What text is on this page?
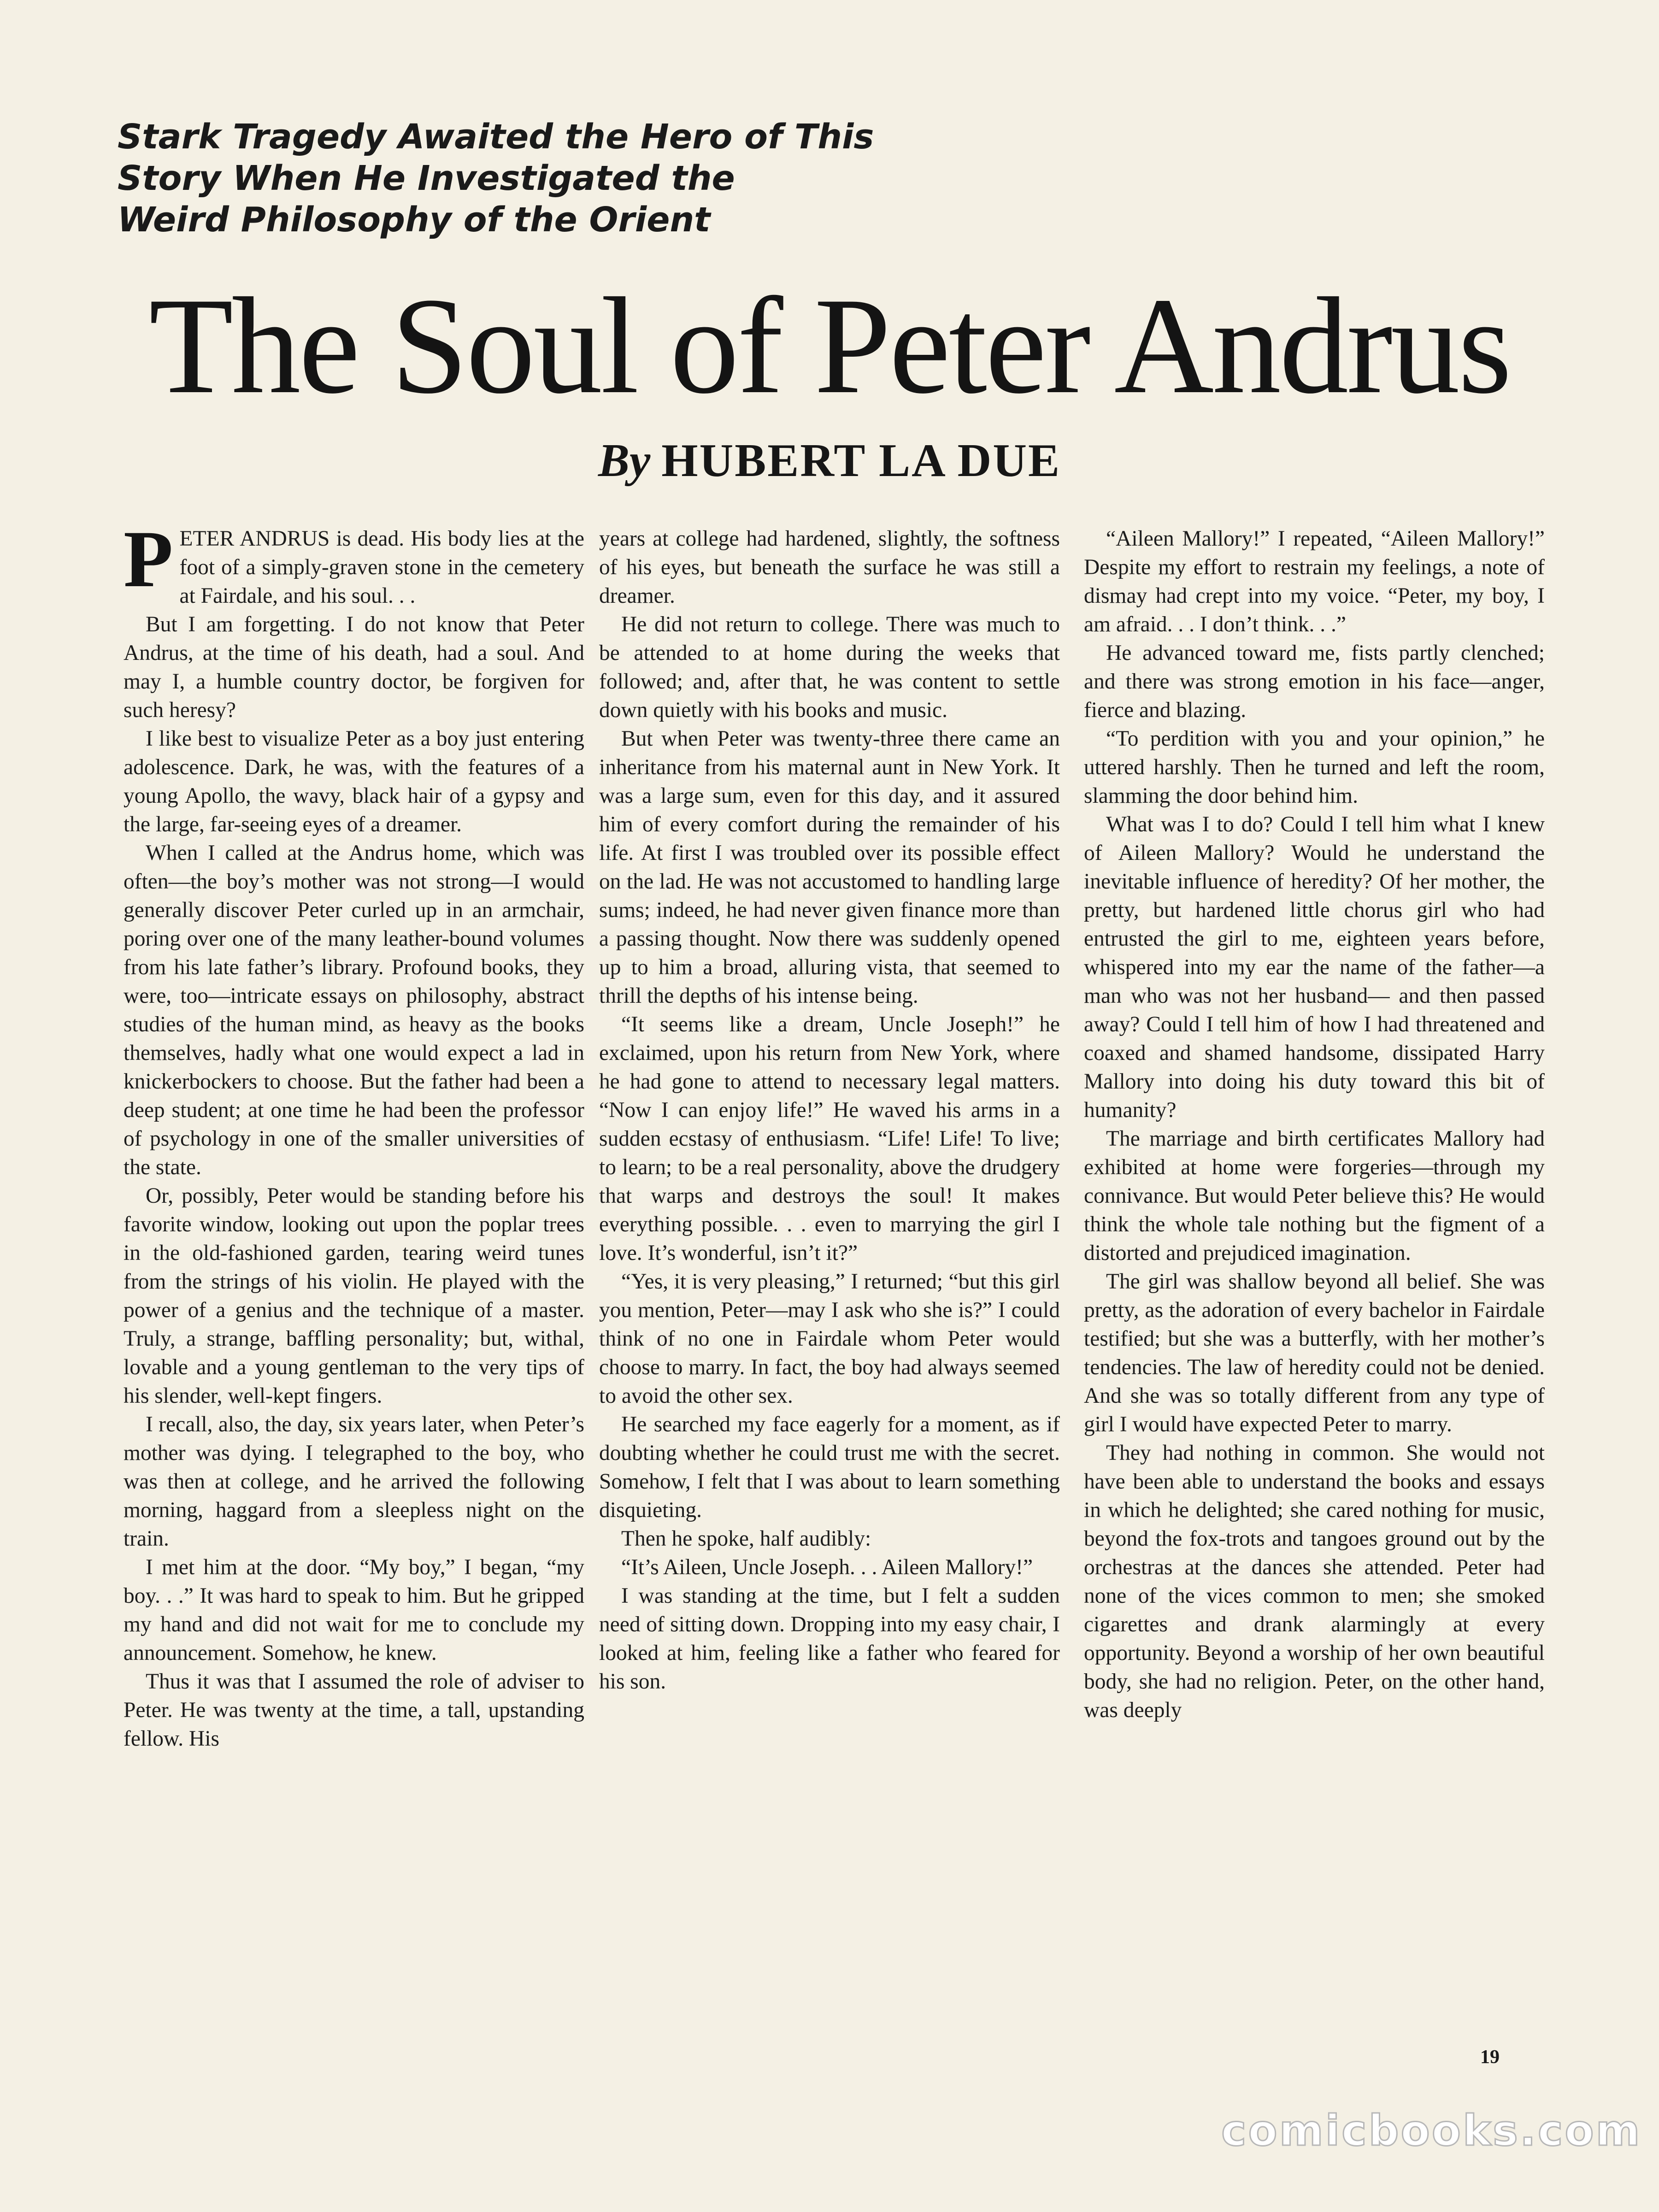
Stark Tragedy Awaited the Hero of This
Story When He Investigated the
Weird Philosophy of the Orient
The Soul of Peter Andrus
By HUBERT LA DUE

PETER ANDRUS is dead. His body lies at the foot of a simply-graven stone in the cemetery at Fairdale, and his soul. . .

But I am forgetting. I do not know that Peter Andrus, at the time of his death, had a soul. And may I, a humble country doctor, be forgiven for such heresy?

I like best to visualize Peter as a boy just entering adolescence. Dark, he was, with the features of a young Apollo, the wavy, black hair of a gypsy and the large, far-seeing eyes of a dreamer.

When I called at the Andrus home, which was often—the boy’s mother was not strong—I would generally discover Peter curled up in an armchair, poring over one of the many leather-bound volumes from his late father’s library. Profound books, they were, too—intricate essays on philosophy, abstract studies of the human mind, as heavy as the books themselves, hadly what one would expect a lad in knickerbockers to choose. But the father had been a deep student; at one time he had been the professor of psychology in one of the smaller universities of the state.

Or, possibly, Peter would be standing before his favorite window, looking out upon the poplar trees in the old-fashioned garden, tearing weird tunes from the strings of his violin. He played with the power of a genius and the technique of a master. Truly, a strange, baffling personality; but, withal, lovable and a young gentleman to the very tips of his slender, well-kept fingers.

I recall, also, the day, six years later, when Peter’s mother was dying. I telegraphed to the boy, who was then at college, and he arrived the following morning, haggard from a sleepless night on the train.

I met him at the door. “My boy,” I began, “my boy. . .” It was hard to speak to him. But he gripped my hand and did not wait for me to conclude my announcement. Somehow, he knew.

Thus it was that I assumed the role of adviser to Peter. He was twenty at the time, a tall, upstanding fellow. His

years at college had hardened, slightly, the softness of his eyes, but beneath the surface he was still a dreamer.

He did not return to college. There was much to be attended to at home during the weeks that followed; and, after that, he was content to settle down quietly with his books and music.

But when Peter was twenty-three there came an inheritance from his maternal aunt in New York. It was a large sum, even for this day, and it assured him of every comfort during the remainder of his life. At first I was troubled over its possible effect on the lad. He was not accustomed to handling large sums; indeed, he had never given finance more than a passing thought. Now there was suddenly opened up to him a broad, alluring vista, that seemed to thrill the depths of his intense being.

“It seems like a dream, Uncle Joseph!” he exclaimed, upon his return from New York, where he had gone to attend to necessary legal matters. “Now I can enjoy life!” He waved his arms in a sudden ecstasy of enthusiasm. “Life! Life! To live; to learn; to be a real personality, above the drudgery that warps and destroys the soul! It makes everything possible. . . even to marrying the girl I love. It’s wonderful, isn’t it?”

“Yes, it is very pleasing,” I returned; “but this girl you mention, Peter—may I ask who she is?” I could think of no one in Fairdale whom Peter would choose to marry. In fact, the boy had always seemed to avoid the other sex.

He searched my face eagerly for a moment, as if doubting whether he could trust me with the secret. Somehow, I felt that I was about to learn something disquieting.

Then he spoke, half audibly:

“It’s Aileen, Uncle Joseph. . . Aileen Mallory!”

I was standing at the time, but I felt a sudden need of sitting down. Dropping into my easy chair, I looked at him, feeling like a father who feared for his son.

“Aileen Mallory!” I repeated, “Aileen Mallory!” Despite my effort to restrain my feelings, a note of dismay had crept into my voice. “Peter, my boy, I am afraid. . . I don’t think. . .”

He advanced toward me, fists partly clenched; and there was strong emotion in his face—anger, fierce and blazing.

“To perdition with you and your opinion,” he uttered harshly. Then he turned and left the room, slamming the door behind him.

What was I to do? Could I tell him what I knew of Aileen Mallory? Would he understand the inevitable influence of heredity? Of her mother, the pretty, but hardened little chorus girl who had entrusted the girl to me, eighteen years before, whispered into my ear the name of the father—a man who was not her husband— and then passed away? Could I tell him of how I had threatened and coaxed and shamed handsome, dissipated Harry Mallory into doing his duty toward this bit of humanity?

The marriage and birth certificates Mallory had exhibited at home were forgeries—through my connivance. But would Peter believe this? He would think the whole tale nothing but the figment of a distorted and prejudiced imagination.

The girl was shallow beyond all belief. She was pretty, as the adoration of every bachelor in Fairdale testified; but she was a butterfly, with her mother’s tendencies. The law of heredity could not be denied. And she was so totally different from any type of girl I would have expected Peter to marry.

They had nothing in common. She would not have been able to understand the books and essays in which he delighted; she cared nothing for music, beyond the fox-trots and tangoes ground out by the orchestras at the dances she attended. Peter had none of the vices common to men; she smoked cigarettes and drank alarmingly at every opportunity. Beyond a worship of her own beautiful body, she had no religion. Peter, on the other hand, was deeply

19
comicbooks.com
